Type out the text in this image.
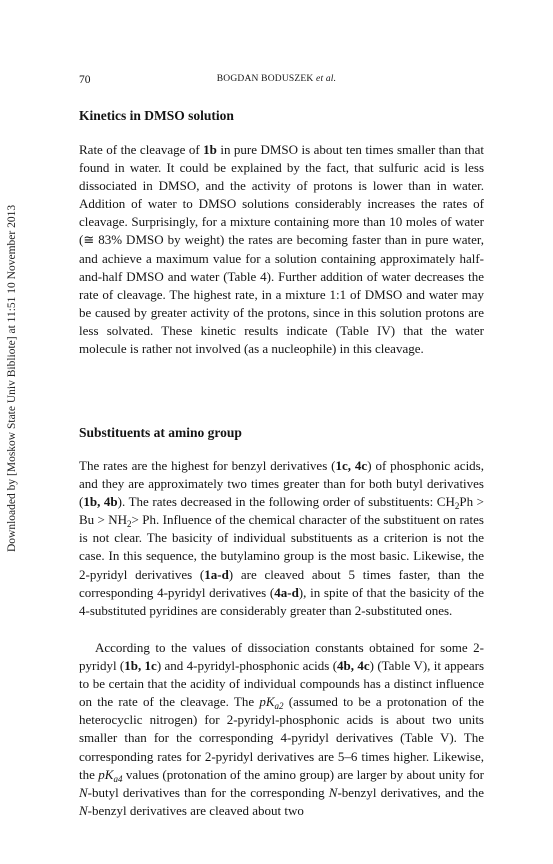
70	BOGDAN BODUSZEK et al.
Downloaded by [Moskow State Univ Bibliote] at 11:51 10 November 2013
Kinetics in DMSO solution

Rate of the cleavage of 1b in pure DMSO is about ten times smaller than that found in water. It could be explained by the fact, that sulfuric acid is less dissociated in DMSO, and the activity of protons is lower than in water. Addition of water to DMSO solutions considerably increases the rates of cleavage. Surprisingly, for a mixture containing more than 10 moles of water (≅ 83% DMSO by weight) the rates are becoming faster than in pure water, and achieve a maximum value for a solution containing approximately half-and-half DMSO and water (Table 4). Further addition of water decreases the rate of cleavage. The highest rate, in a mixture 1:1 of DMSO and water may be caused by greater activity of the protons, since in this solution protons are less solvated. These kinetic results indicate (Table IV) that the water molecule is rather not involved (as a nucleophile) in this cleavage.

Substituents at amino group

The rates are the highest for benzyl derivatives (1c, 4c) of phosphonic acids, and they are approximately two times greater than for both butyl derivatives (1b, 4b). The rates decreased in the following order of substituents: $CH_2Ph > Bu > NH_2> Ph$. Influence of the chemical character of the substituent on rates is not clear. The basicity of individual substituents as a criterion is not the case. In this sequence, the butylamino group is the most basic. Likewise, the 2-pyridyl derivatives (1a-d) are cleaved about 5 times faster, than the corresponding 4-pyridyl derivatives (4a-d), in spite of that the basicity of the 4-substituted pyridines are considerably greater than 2-substituted ones.

According to the values of dissociation constants obtained for some 2-pyridyl (1b, 1c) and 4-pyridyl-phosphonic acids (4b, 4c) (Table V), it appears to be certain that the acidity of individual compounds has a distinct influence on the rate of the cleavage. The $pK_{a2}$ (assumed to be a protonation of the heterocyclic nitrogen) for 2-pyridyl-phosphonic acids is about two units smaller than for the corresponding 4-pyridyl derivatives (Table V). The corresponding rates for 2-pyridyl derivatives are 5–6 times higher. Likewise, the $pK_{a4}$ values (protonation of the amino group) are larger by about unity for N-butyl derivatives than for the corresponding N-benzyl derivatives, and the N-benzyl derivatives are cleaved about two
